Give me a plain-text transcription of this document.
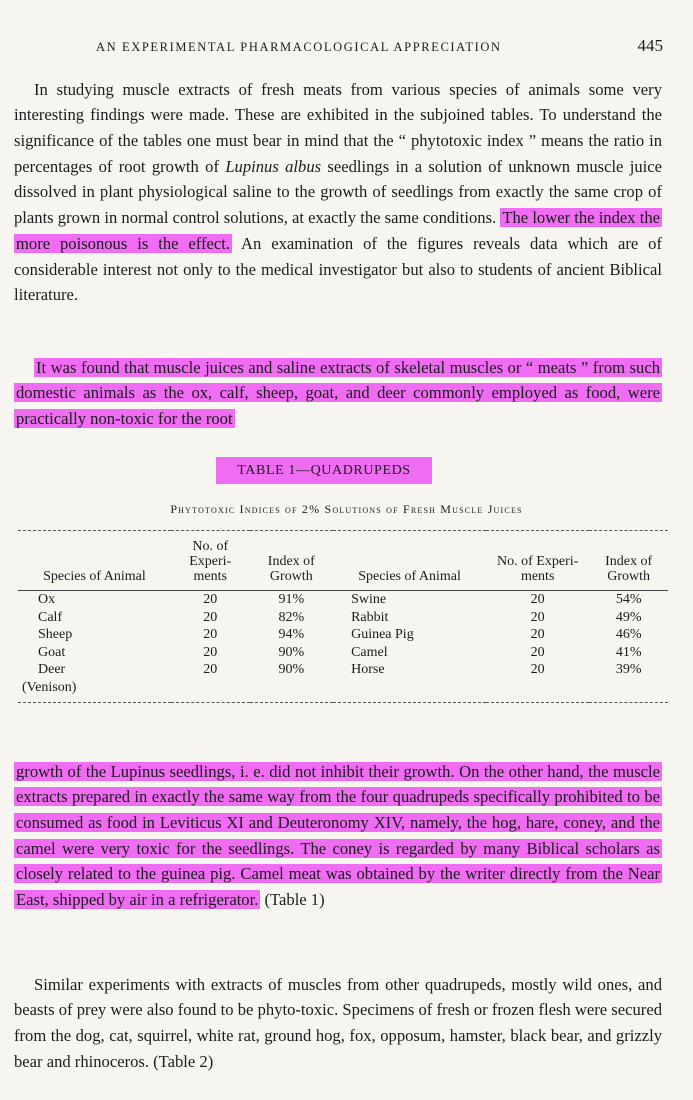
AN EXPERIMENTAL PHARMACOLOGICAL APPRECIATION	445

In studying muscle extracts of fresh meats from various species of animals some very interesting findings were made. These are exhibited in the subjoined tables. To understand the significance of the tables one must bear in mind that the “ phytotoxic index ” means the ratio in percentages of root growth of Lupinus albus seedlings in a solution of unknown muscle juice dissolved in plant physiological saline to the growth of seedlings from exactly the same crop of plants grown in normal control solutions, at exactly the same conditions. The lower the index the more poisonous is the effect. An examination of the figures reveals data which are of considerable interest not only to the medical investigator but also to students of ancient Biblical literature.

It was found that muscle juices and saline extracts of skeletal muscles or “ meats ” from such domestic animals as the ox, calf, sheep, goat, and deer commonly employed as food, were practically non-toxic for the root

TABLE 1—QUADRUPEDS
Phytotoxic Indices of 2% Solutions of Fresh Muscle Juices
Species of Animal	No. of Experi- ments	Index of Growth	Species of Animal	No. of Experi- ments	Index of Growth
Ox	20	91%	Swine	20	54%
Calf	20	82%	Rabbit	20	49%
Sheep	20	94%	Guinea Pig	20	46%
Goat	20	90%	Camel	20	41%

Deer
(Venison)	20	90%	Horse	20	39%

growth of the Lupinus seedlings, i. e. did not inhibit their growth. On the other hand, the muscle extracts prepared in exactly the same way from the four quadrupeds specifically prohibited to be consumed as food in Leviticus XI and Deuteronomy XIV, namely, the hog, hare, coney, and the camel were very toxic for the seedlings. The coney is regarded by many Biblical scholars as closely related to the guinea pig. Camel meat was obtained by the writer directly from the Near East, shipped by air in a refrigerator. (Table 1)

Similar experiments with extracts of muscles from other quadrupeds, mostly wild ones, and beasts of prey were also found to be phyto-toxic. Specimens of fresh or frozen flesh were secured from the dog, cat, squirrel, white rat, ground hog, fox, opposum, hamster, black bear, and grizzly bear and rhinoceros. (Table 2)
